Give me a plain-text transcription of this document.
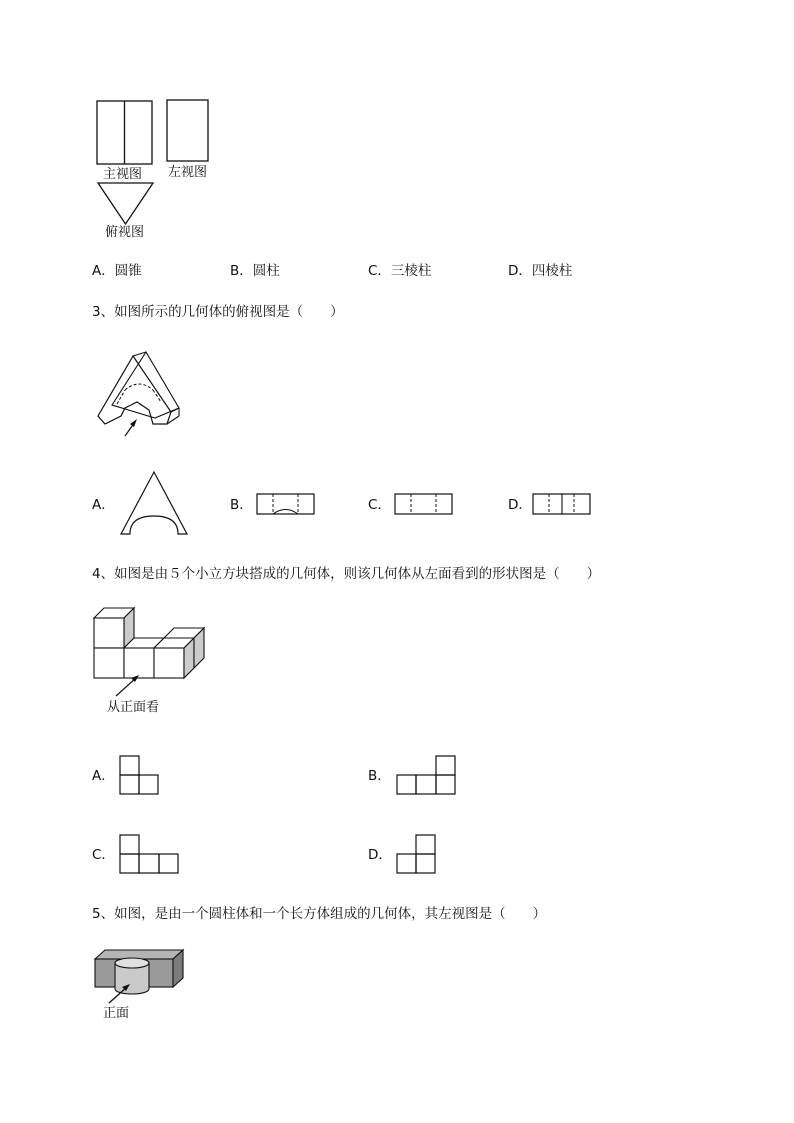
主视图 左视图
俯视图
A．圆锥	B．圆柱	C．三棱柱	D．四棱柱
3、如图所示的几何体的俯视图是（　　）
A．	B．	C．	D．
4、如图是由５个小立方块搭成的几何体，则该几何体从左面看到的形状图是（　　）
从正面看
A．	B．
C．	D．
5、如图，是由一个圆柱体和一个长方体组成的几何体，其左视图是（　　）
正面
